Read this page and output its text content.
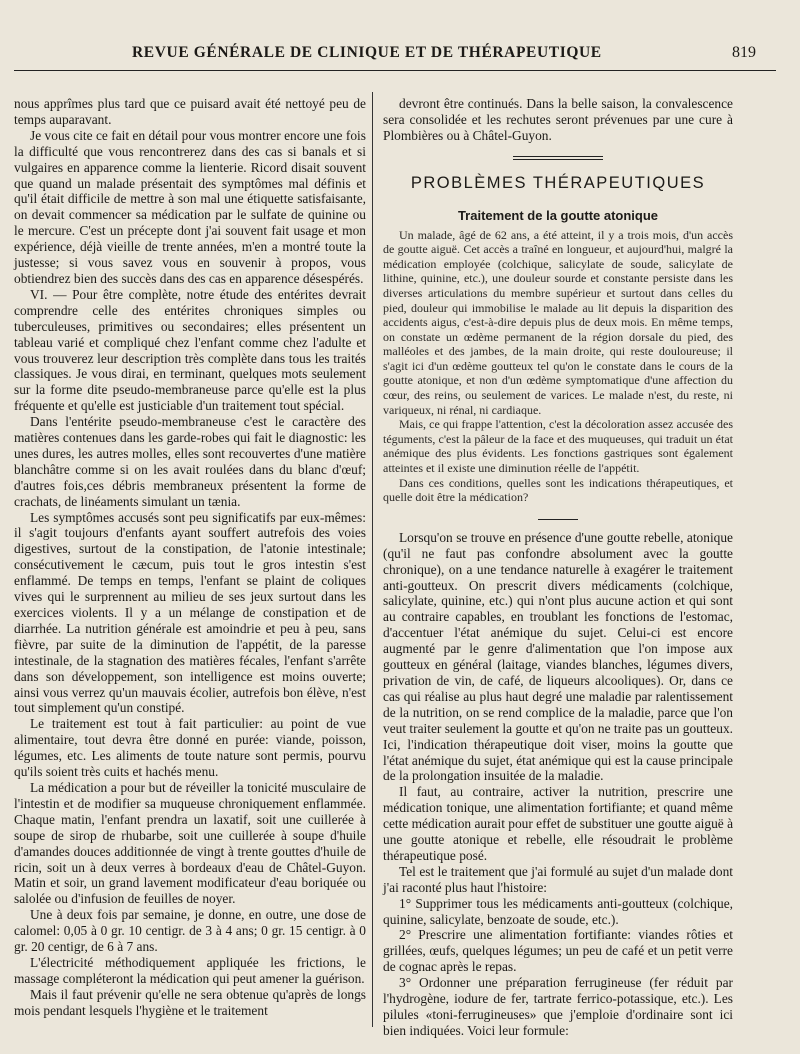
REVUE GÉNÉRALE DE CLINIQUE ET DE THÉRAPEUTIQUE	819

nous apprîmes plus tard que ce puisard avait été nettoyé peu de temps auparavant.

Je vous cite ce fait en détail pour vous montrer encore une fois la difficulté que vous rencontrerez dans des cas si banals et si vulgaires en apparence comme la lienterie. Ricord disait souvent que quand un malade présentait des symptômes mal définis et qu'il était difficile de mettre à son mal une étiquette satisfaisante, on devait commencer sa médication par le sulfate de quinine ou le mercure. C'est un précepte dont j'ai souvent fait usage et mon expérience, déjà vieille de trente années, m'en a montré toute la justesse; si vous savez vous en souvenir à propos, vous obtiendrez bien des succès dans des cas en apparence désespérés.

VI. — Pour être complète, notre étude des entérites devrait comprendre celle des entérites chroniques simples ou tuberculeuses, primitives ou secondaires; elles présentent un tableau varié et compliqué chez l'enfant comme chez l'adulte et vous trouverez leur description très complète dans tous les traités classiques. Je vous dirai, en terminant, quelques mots seulement sur la forme dite pseudo-membraneuse parce qu'elle est la plus fréquente et qu'elle est justiciable d'un traitement tout spécial.

Dans l'entérite pseudo-membraneuse c'est le caractère des matières contenues dans les garde-robes qui fait le diagnostic: les unes dures, les autres molles, elles sont recouvertes d'une matière blanchâtre comme si on les avait roulées dans du blanc d'œuf; d'autres fois,ces débris membraneux présentent la forme de crachats, de linéaments simulant un tænia.

Les symptômes accusés sont peu significatifs par eux-mêmes: il s'agit toujours d'enfants ayant souffert autrefois des voies digestives, surtout de la constipation, de l'atonie intestinale; consécutivement le cæcum, puis tout le gros intestin s'est enflammé. De temps en temps, l'enfant se plaint de coliques vives qui le surprennent au milieu de ses jeux surtout dans les exercices violents. Il y a un mélange de constipation et de diarrhée. La nutrition générale est amoindrie et peu à peu, sans fièvre, par suite de la diminution de l'appétit, de la paresse intestinale, de la stagnation des matières fécales, l'enfant s'arrête dans son développement, son intelligence est moins ouverte; ainsi vous verrez qu'un mauvais écolier, autrefois bon élève, n'est tout simplement qu'un constipé.

Le traitement est tout à fait particulier: au point de vue alimentaire, tout devra être donné en purée: viande, poisson, légumes, etc. Les aliments de toute nature sont permis, pourvu qu'ils soient très cuits et hachés menu.

La médication a pour but de réveiller la tonicité musculaire de l'intestin et de modifier sa muqueuse chroniquement enflammée. Chaque matin, l'enfant prendra un laxatif, soit une cuillerée à soupe de sirop de rhubarbe, soit une cuillerée à soupe d'huile d'amandes douces additionnée de vingt à trente gouttes d'huile de ricin, soit un à deux verres à bordeaux d'eau de Châtel-Guyon. Matin et soir, un grand lavement modificateur d'eau boriquée ou salolée ou d'infusion de feuilles de noyer.

Une à deux fois par semaine, je donne, en outre, une dose de calomel: 0,05 à 0 gr. 10 centigr. de 3 à 4 ans; 0 gr. 15 centigr. à 0 gr. 20 centigr, de 6 à 7 ans.

L'électricité méthodiquement appliquée les frictions, le massage compléteront la médication qui peut amener la guérison.

Mais il faut prévenir qu'elle ne sera obtenue qu'après de longs mois pendant lesquels l'hygiène et le traitement

devront être continués. Dans la belle saison, la convalescence sera consolidée et les rechutes seront prévenues par une cure à Plombières ou à Châtel-Guyon.

PROBLÈMES THÉRAPEUTIQUES
Traitement de la goutte atonique

Un malade, âgé de 62 ans, a été atteint, il y a trois mois, d'un accès de goutte aiguë. Cet accès a traîné en longueur, et aujourd'hui, malgré la médication employée (colchique, salicylate de soude, salicylate de lithine, quinine, etc.), une douleur sourde et constante persiste dans les diverses articulations du membre supérieur et surtout dans celles du pied, douleur qui immobilise le malade au lit depuis la disparition des accidents aigus, c'est-à-dire depuis plus de deux mois. En même temps, on constate un œdème permanent de la région dorsale du pied, des malléoles et des jambes, de la main droite, qui reste douloureuse; il s'agit ici d'un œdème goutteux tel qu'on le constate dans le cours de la goutte atonique, et non d'un œdème symptomatique d'une affection du cœur, des reins, ou seulement de varices. Le malade n'est, du reste, ni variqueux, ni rénal, ni cardiaque.

Mais, ce qui frappe l'attention, c'est la décoloration assez accusée des téguments, c'est la pâleur de la face et des muqueuses, qui traduit un état anémique des plus évidents. Les fonctions gastriques sont également atteintes et il existe une diminution réelle de l'appétit.

Dans ces conditions, quelles sont les indications thérapeutiques, et quelle doit être la médication?

Lorsqu'on se trouve en présence d'une goutte rebelle, atonique (qu'il ne faut pas confondre absolument avec la goutte chronique), on a une tendance naturelle à exagérer le traitement anti-goutteux. On prescrit divers médicaments (colchique, salicylate, quinine, etc.) qui n'ont plus aucune action et qui sont au contraire capables, en troublant les fonctions de l'estomac, d'accentuer l'état anémique du sujet. Celui-ci est encore augmenté par le genre d'alimentation que l'on impose aux goutteux en général (laitage, viandes blanches, légumes divers, privation de vin, de café, de liqueurs alcooliques). Or, dans ce cas qui réalise au plus haut degré une maladie par ralentissement de la nutrition, on se rend complice de la maladie, parce que l'on veut traiter seulement la goutte et qu'on ne traite pas un goutteux. Ici, l'indication thérapeutique doit viser, moins la goutte que l'état anémique du sujet, état anémique qui est la cause principale de la prolongation insuitée de la maladie.

Il faut, au contraire, activer la nutrition, prescrire une médication tonique, une alimentation fortifiante; et quand même cette médication aurait pour effet de substituer une goutte aiguë à une goutte atonique et rebelle, elle résoudrait le problème thérapeutique posé.

Tel est le traitement que j'ai formulé au sujet d'un malade dont j'ai raconté plus haut l'histoire:

1° Supprimer tous les médicaments anti-goutteux (colchique, quinine, salicylate, benzoate de soude, etc.).

2° Prescrire une alimentation fortifiante: viandes rôties et grillées, œufs, quelques légumes; un peu de café et un petit verre de cognac après le repas.

3° Ordonner une préparation ferrugineuse (fer réduit par l'hydrogène, iodure de fer, tartrate ferrico-potassique, etc.). Les pilules «toni-ferrugineuses» que j'emploie d'ordinaire sont ici bien indiquées. Voici leur formule:
